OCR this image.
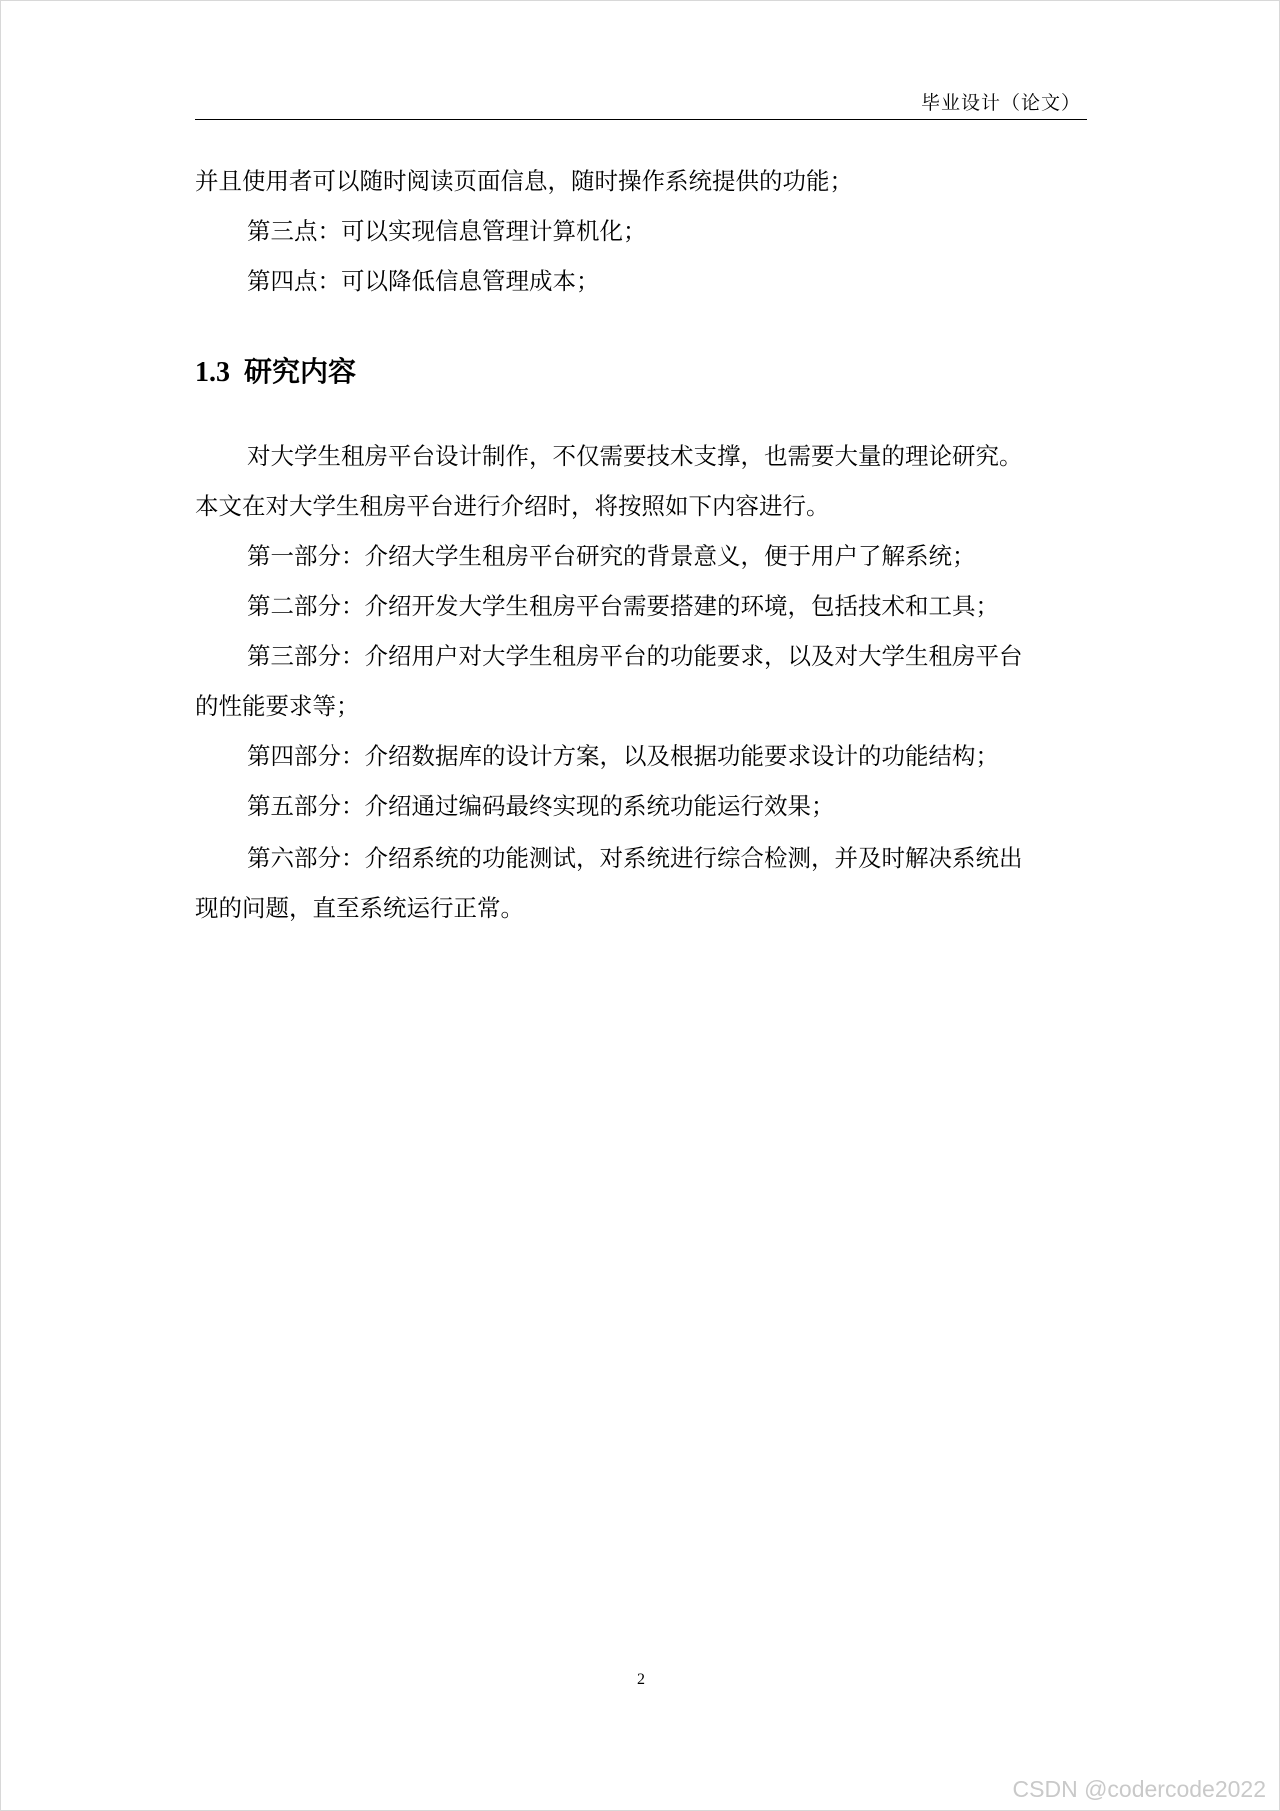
毕业设计（论文）
并且使用者可以随时阅读页面信息，随时操作系统提供的功能；
第三点：可以实现信息管理计算机化；
第四点：可以降低信息管理成本；
1.3 研究内容
对大学生租房平台设计制作，不仅需要技术支撑，也需要大量的理论研究。
本文在对大学生租房平台进行介绍时，将按照如下内容进行。
第一部分：介绍大学生租房平台研究的背景意义，便于用户了解系统；
第二部分：介绍开发大学生租房平台需要搭建的环境，包括技术和工具；
第三部分：介绍用户对大学生租房平台的功能要求，以及对大学生租房平台
的性能要求等；
第四部分：介绍数据库的设计方案，以及根据功能要求设计的功能结构；
第五部分：介绍通过编码最终实现的系统功能运行效果；
第六部分：介绍系统的功能测试，对系统进行综合检测，并及时解决系统出
现的问题，直至系统运行正常。
2
CSDN @codercode2022
